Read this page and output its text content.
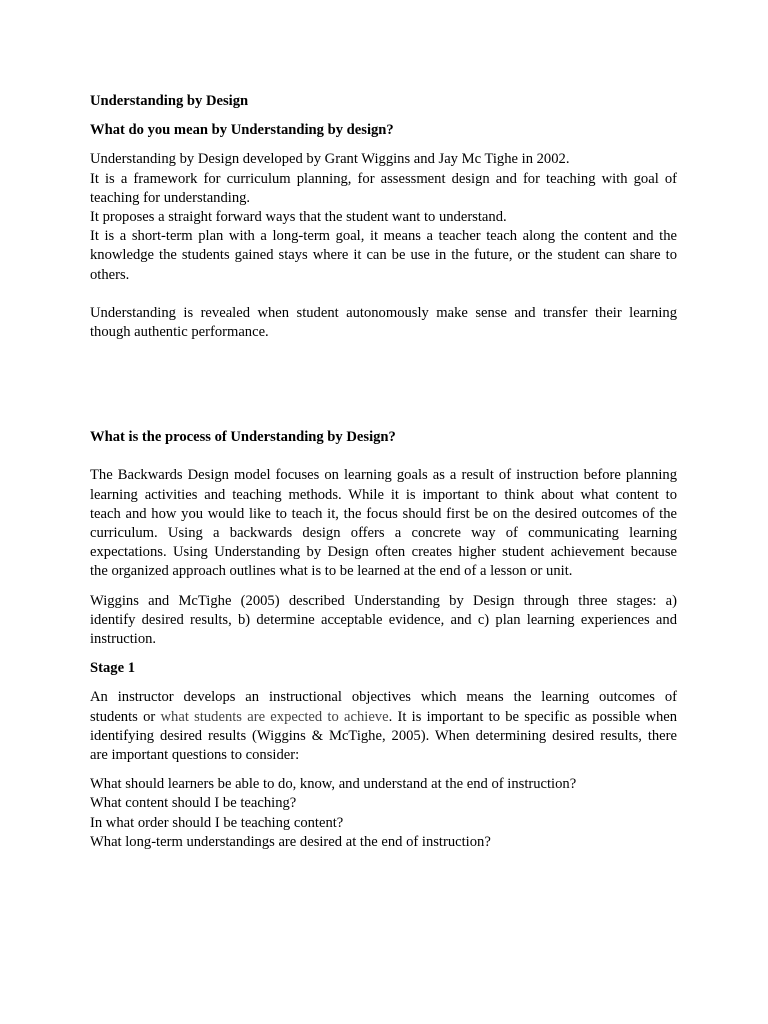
Understanding by Design
What do you mean by Understanding by design?
Understanding by Design developed by Grant Wiggins and Jay Mc Tighe in 2002.
It is a framework for curriculum planning, for assessment design and for teaching with goal of
teaching for understanding.
It proposes a straight forward ways that the student want to understand.
It is a short-term plan with a long-term goal, it means a teacher teach along the content and the
knowledge the students gained stays where it can be use in the future, or the student can share to
others.
Understanding is revealed when student autonomously make sense and transfer their learning
though authentic performance.
What is the process of Understanding by Design?
The Backwards Design model focuses on learning goals as a result of instruction before planning
learning activities and teaching methods. While it is important to think about what content to
teach and how you would like to teach it, the focus should first be on the desired outcomes of the
curriculum. Using a backwards design offers a concrete way of communicating learning
expectations. Using Understanding by Design often creates higher student achievement because
the organized approach outlines what is to be learned at the end of a lesson or unit.
Wiggins and McTighe (2005) described Understanding by Design through three stages: a)
identify desired results, b) determine acceptable evidence, and c) plan learning experiences and
instruction.
Stage 1
An instructor develops an instructional objectives which means the learning outcomes of
students or what students are expected to achieve. It is important to be specific as possible when
identifying desired results (Wiggins & McTighe, 2005). When determining desired results, there
are important questions to consider:
What should learners be able to do, know, and understand at the end of instruction?
What content should I be teaching?
In what order should I be teaching content?
What long-term understandings are desired at the end of instruction?
